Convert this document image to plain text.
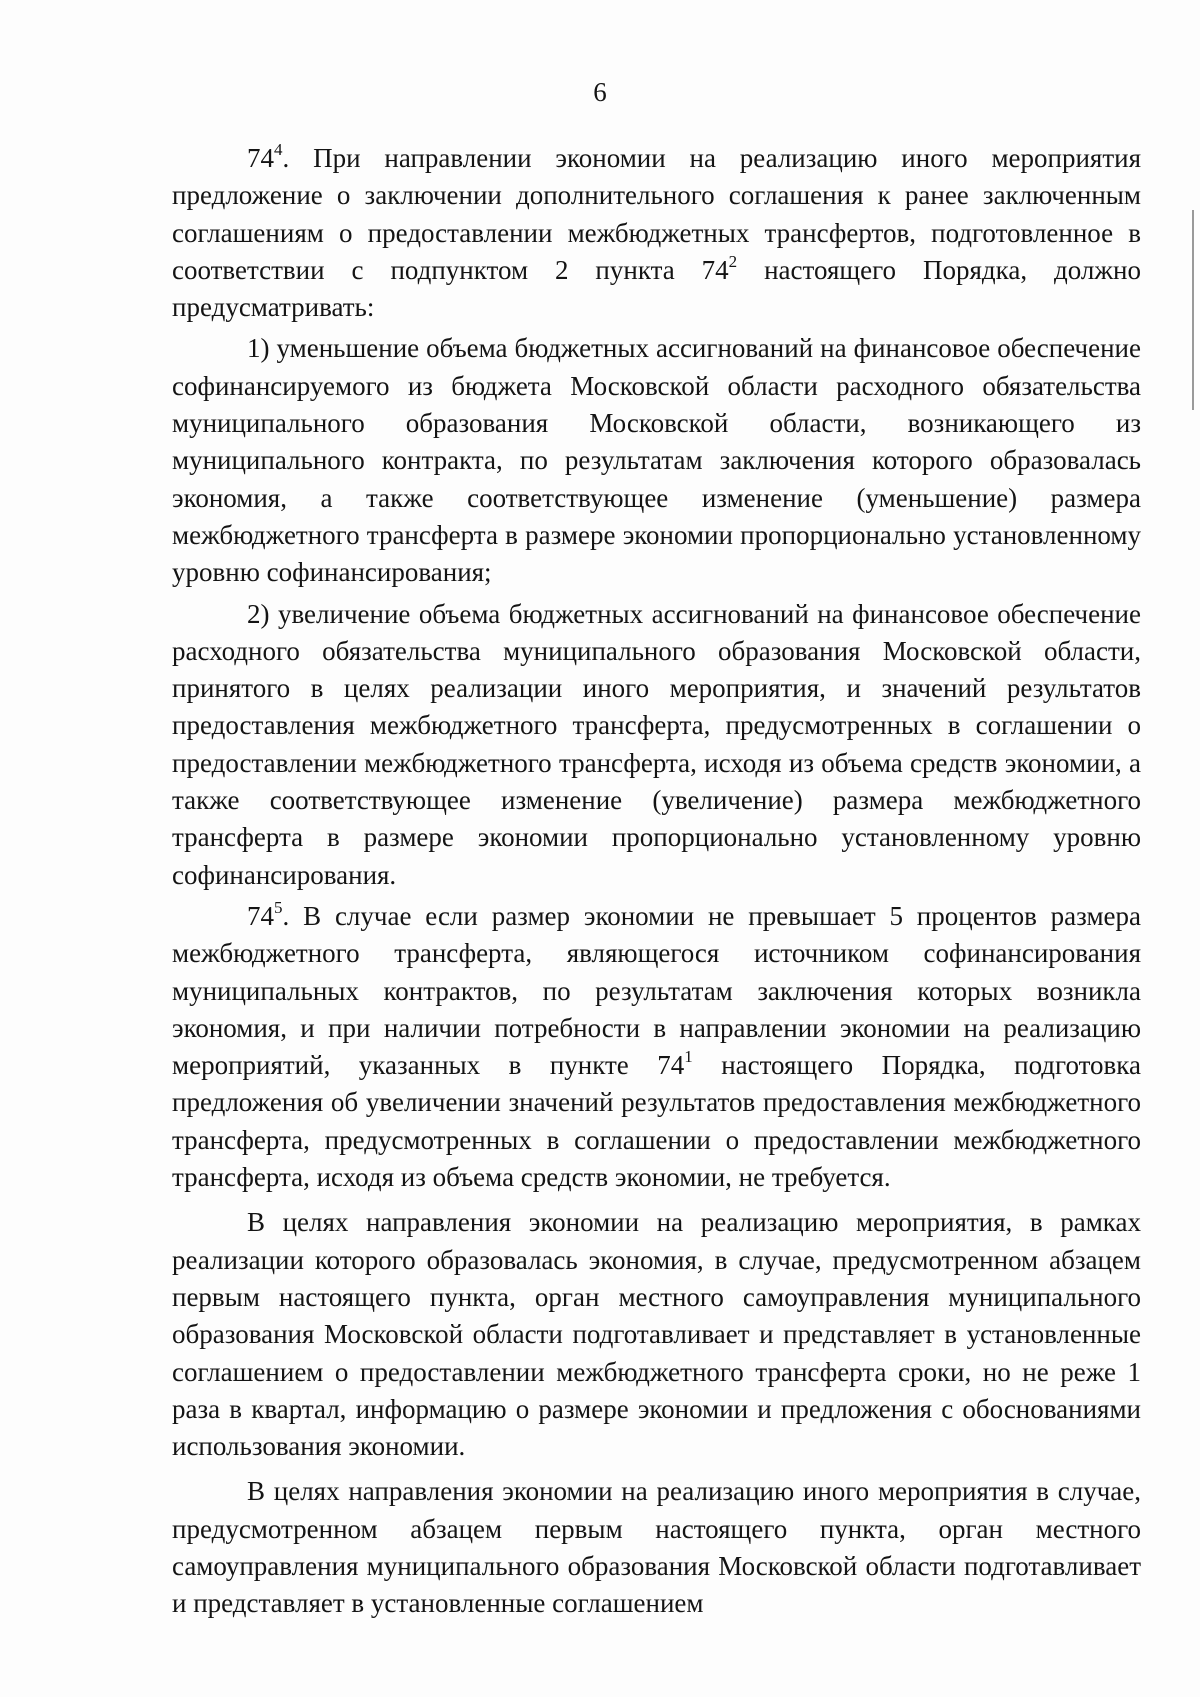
6

$74^4$. При направлении экономии на реализацию иного мероприятия предложение о заключении дополнительного соглашения к ранее заключенным соглашениям о предоставлении межбюджетных трансфертов, подготовленное в соответствии с подпунктом 2 пункта $74^2$ настоящего Порядка, должно предусматривать:

1) уменьшение объема бюджетных ассигнований на финансовое обеспечение софинансируемого из бюджета Московской области расходного обязательства муниципального образования Московской области, возникающего из муниципального контракта, по результатам заключения которого образовалась экономия, а также соответствующее изменение (уменьшение) размера межбюджетного трансферта в размере экономии пропорционально установленному уровню софинансирования;

2) увеличение объема бюджетных ассигнований на финансовое обеспечение расходного обязательства муниципального образования Московской области, принятого в целях реализации иного мероприятия, и значений результатов предоставления межбюджетного трансферта, предусмотренных в соглашении о предоставлении межбюджетного трансферта, исходя из объема средств экономии, а также соответствующее изменение (увеличение) размера межбюджетного трансферта в размере экономии пропорционально установленному уровню софинансирования.

$74^5$. В случае если размер экономии не превышает 5 процентов размера межбюджетного трансферта, являющегося источником софинансирования муниципальных контрактов, по результатам заключения которых возникла экономия, и при наличии потребности в направлении экономии на реализацию мероприятий, указанных в пункте $74^1$ настоящего Порядка, подготовка предложения об увеличении значений результатов предоставления межбюджетного трансферта, предусмотренных в соглашении о предоставлении межбюджетного трансферта, исходя из объема средств экономии, не требуется.

В целях направления экономии на реализацию мероприятия, в рамках реализации которого образовалась экономия, в случае, предусмотренном абзацем первым настоящего пункта, орган местного самоуправления муниципального образования Московской области подготавливает и представляет в установленные соглашением о предоставлении межбюджетного трансферта сроки, но не реже 1 раза в квартал, информацию о размере экономии и предложения с обоснованиями использования экономии.

В целях направления экономии на реализацию иного мероприятия в случае, предусмотренном абзацем первым настоящего пункта, орган местного самоуправления муниципального образования Московской области подготавливает и представляет в установленные соглашением
